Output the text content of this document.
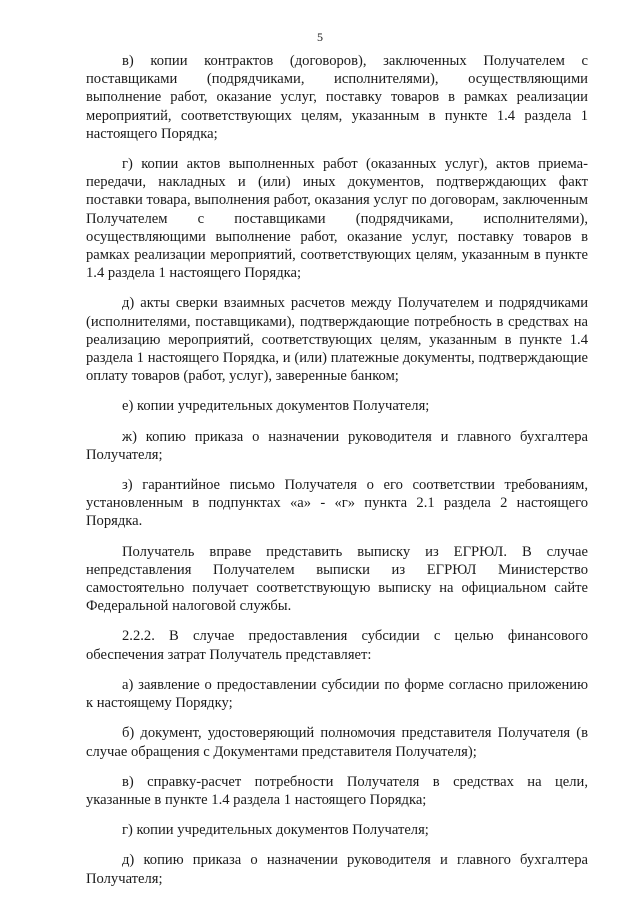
5

в) копии контрактов (договоров), заключенных Получателем с поставщиками (подрядчиками, исполнителями), осуществляющими выполнение работ, оказание услуг, поставку товаров в рамках реализации мероприятий, соответствующих целям, указанным в пункте 1.4 раздела 1 настоящего Порядка;

г) копии актов выполненных работ (оказанных услуг), актов приема-передачи, накладных и (или) иных документов, подтверждающих факт поставки товара, выполнения работ, оказания услуг по договорам, заключенным Получателем с поставщиками (подрядчиками, исполнителями), осуществляющими выполнение работ, оказание услуг, поставку товаров в рамках реализации мероприятий, соответствующих целям, указанным в пункте 1.4 раздела 1 настоящего Порядка;

д) акты сверки взаимных расчетов между Получателем и подрядчиками (исполнителями, поставщиками), подтверждающие потребность в средствах на реализацию мероприятий, соответствующих целям, указанным в пункте 1.4 раздела 1 настоящего Порядка, и (или) платежные документы, подтверждающие оплату товаров (работ, услуг), заверенные банком;

е) копии учредительных документов Получателя;

ж) копию приказа о назначении руководителя и главного бухгалтера Получателя;

з) гарантийное письмо Получателя о его соответствии требованиям, установленным в подпунктах «а» - «г» пункта 2.1 раздела 2 настоящего Порядка.

Получатель вправе представить выписку из ЕГРЮЛ. В случае непредставления Получателем выписки из ЕГРЮЛ Министерство самостоятельно получает соответствующую выписку на официальном сайте Федеральной налоговой службы.

2.2.2. В случае предоставления субсидии с целью финансового обеспечения затрат Получатель представляет:

а) заявление о предоставлении субсидии по форме согласно приложению к настоящему Порядку;

б) документ, удостоверяющий полномочия представителя Получателя (в случае обращения с Документами представителя Получателя);

в) справку-расчет потребности Получателя в средствах на цели, указанные в пункте 1.4 раздела 1 настоящего Порядка;

г) копии учредительных документов Получателя;

д) копию приказа о назначении руководителя и главного бухгалтера Получателя;
